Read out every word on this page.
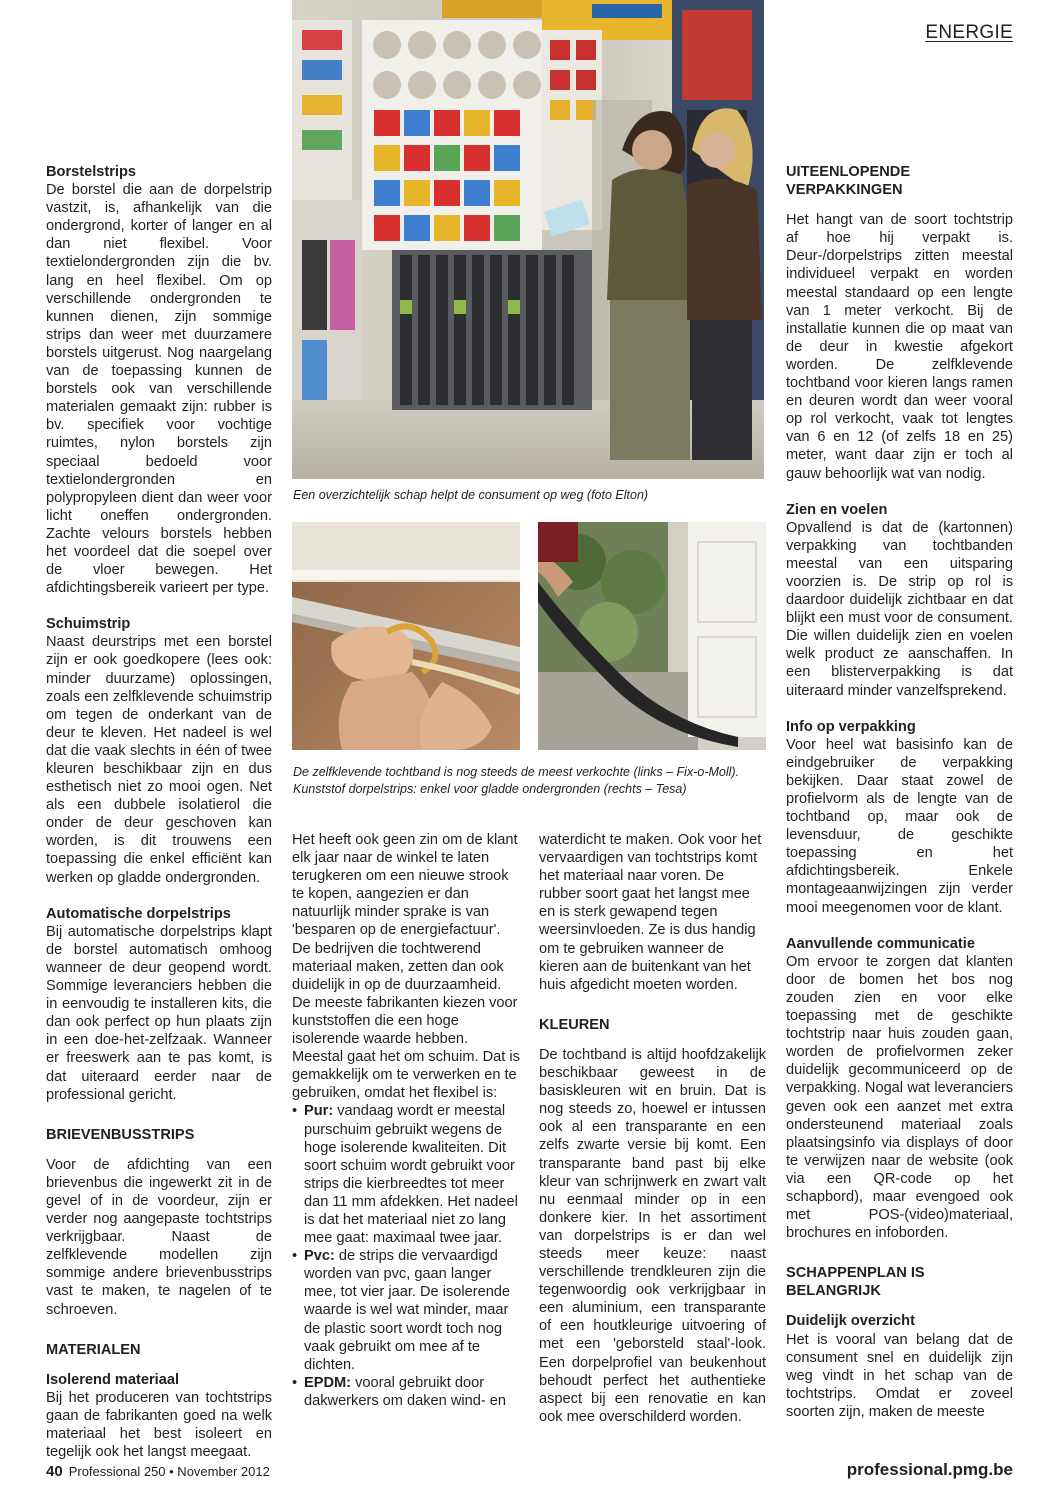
ENERGIE
Een overzichtelijk schap helpt de consument op weg (foto Elton)
De zelfklevende tochtband is nog steeds de meest verkochte (links – Fix-o-Moll). Kunststof dorpelstrips: enkel voor gladde ondergronden (rechts – Tesa)
Borstelstrips

De borstel die aan de dorpelstrip vastzit, is, afhankelijk van die ondergrond, korter of langer en al dan niet flexibel. Voor textielondergronden zijn die bv. lang en heel flexibel. Om op verschillende ondergronden te kunnen dienen, zijn sommige strips dan weer met duurzamere borstels uitgerust. Nog naargelang van de toepassing kunnen de borstels ook van verschillende materialen gemaakt zijn: rubber is bv. specifiek voor vochtige ruimtes, nylon borstels zijn speciaal bedoeld voor textielondergronden en polypropyleen dient dan weer voor licht oneffen ondergronden. Zachte velours borstels hebben het voordeel dat die soepel over de vloer bewegen. Het afdichtingsbereik varieert per type.

Schuimstrip

Naast deurstrips met een borstel zijn er ook goedkopere (lees ook: minder duurzame) oplossingen, zoals een zelfklevende schuimstrip om tegen de onderkant van de deur te kleven. Het nadeel is wel dat die vaak slechts in één of twee kleuren beschikbaar zijn en dus esthetisch niet zo mooi ogen. Net als een dubbele isolatierol die onder de deur geschoven kan worden, is dit trouwens een toepassing die enkel efficiënt kan werken op gladde ondergronden.

Automatische dorpelstrips

Bij automatische dorpelstrips klapt de borstel automatisch omhoog wanneer de deur geopend wordt. Sommige leveranciers hebben die in eenvoudig te installeren kits, die dan ook perfect op hun plaats zijn in een doe-het-zelfzaak. Wanneer er freeswerk aan te pas komt, is dat uiteraard eerder naar de professional gericht.

BRIEVENBUSSTRIPS

Voor de afdichting van een brievenbus die ingewerkt zit in de gevel of in de voordeur, zijn er verder nog aangepaste tochtstrips verkrijgbaar. Naast de zelfklevende modellen zijn sommige andere brievenbusstrips vast te maken, te nagelen of te schroeven.

MATERIALEN
Isolerend materiaal

Bij het produceren van tochtstrips gaan de fabrikanten goed na welk materiaal het best isoleert en tegelijk ook het langst meegaat.

Het heeft ook geen zin om de klant elk jaar naar de winkel te laten terugkeren om een nieuwe strook te kopen, aangezien er dan natuurlijk minder sprake is van 'besparen op de energiefactuur'. De bedrijven die tochtwerend materiaal maken, zetten dan ook duidelijk in op de duurzaamheid. De meeste fabrikanten kiezen voor kunststoffen die een hoge isolerende waarde hebben. Meestal gaat het om schuim. Dat is gemakkelijk om te verwerken en te gebruiken, omdat het flexibel is:

• Pur: vandaag wordt er meestal purschuim gebruikt wegens de hoge isolerende kwaliteiten. Dit soort schuim wordt gebruikt voor strips die kierbreedtes tot meer dan 11 mm afdekken. Het nadeel is dat het materiaal niet zo lang mee gaat: maximaal twee jaar.
• Pvc: de strips die vervaardigd worden van pvc, gaan langer mee, tot vier jaar. De isolerende waarde is wel wat minder, maar de plastic soort wordt toch nog vaak gebruikt om mee af te dichten.
• EPDM: vooral gebruikt door dakwerkers om daken wind- en

waterdicht te maken. Ook voor het vervaardigen van tochtstrips komt het materiaal naar voren. De rubber soort gaat het langst mee en is sterk gewapend tegen weersinvloeden. Ze is dus handig om te gebruiken wanneer de kieren aan de buitenkant van het huis afgedicht moeten worden.

KLEUREN

De tochtband is altijd hoofdzakelijk beschikbaar geweest in de basiskleuren wit en bruin. Dat is nog steeds zo, hoewel er intussen ook al een transparante en een zelfs zwarte versie bij komt. Een transparante band past bij elke kleur van schrijnwerk en zwart valt nu eenmaal minder op in een donkere kier. In het assortiment van dorpelstrips is er dan wel steeds meer keuze: naast verschillende trendkleuren zijn die tegenwoordig ook verkrijgbaar in een aluminium, een transparante of een houtkleurige uitvoering of met een 'geborsteld staal'-look. Een dorpelprofiel van beukenhout behoudt perfect het authentieke aspect bij een renovatie en kan ook mee overschilderd worden.

UITEENLOPENDE VERPAKKINGEN

Het hangt van de soort tochtstrip af hoe hij verpakt is. Deur-/dorpelstrips zitten meestal individueel verpakt en worden meestal standaard op een lengte van 1 meter verkocht. Bij de installatie kunnen die op maat van de deur in kwestie afgekort worden. De zelfklevende tochtband voor kieren langs ramen en deuren wordt dan weer vooral op rol verkocht, vaak tot lengtes van 6 en 12 (of zelfs 18 en 25) meter, want daar zijn er toch al gauw behoorlijk wat van nodig.

Zien en voelen

Opvallend is dat de (kartonnen) verpakking van tochtbanden meestal van een uitsparing voorzien is. De strip op rol is daardoor duidelijk zichtbaar en dat blijkt een must voor de consument. Die willen duidelijk zien en voelen welk product ze aanschaffen. In een blisterverpakking is dat uiteraard minder vanzelfsprekend.

Info op verpakking

Voor heel wat basisinfo kan de eindgebruiker de verpakking bekijken. Daar staat zowel de profielvorm als de lengte van de tochtband op, maar ook de levensduur, de geschikte toepassing en het afdichtingsbereik. Enkele montageaanwijzingen zijn verder mooi meegenomen voor de klant.

Aanvullende communicatie

Om ervoor te zorgen dat klanten door de bomen het bos nog zouden zien en voor elke toepassing met de geschikte tochtstrip naar huis zouden gaan, worden de profielvormen zeker duidelijk gecommuniceerd op de verpakking. Nogal wat leveranciers geven ook een aanzet met extra ondersteunend materiaal zoals plaatsingsinfo via displays of door te verwijzen naar de website (ook via een QR-code op het schapbord), maar evengoed ook met POS-(video)materiaal, brochures en infoborden.

SCHAPPENPLAN IS BELANGRIJK
Duidelijk overzicht

Het is vooral van belang dat de consument snel en duidelijk zijn weg vindt in het schap van de tochtstrips. Omdat er zoveel soorten zijn, maken de meeste

40 Professional 250 • November 2012	professional.pmg.be
